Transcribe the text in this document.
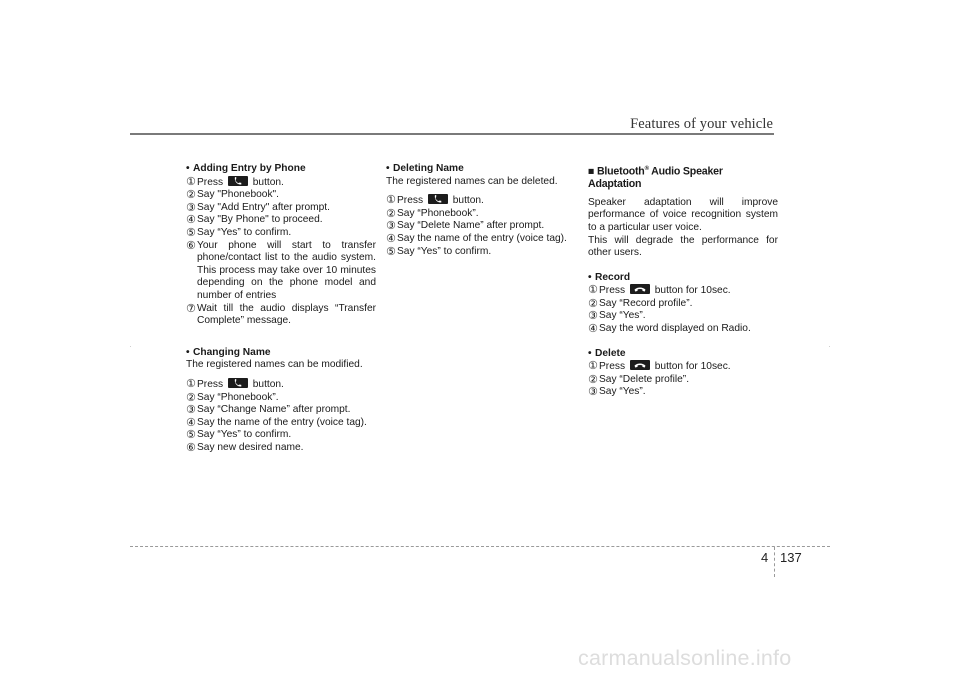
Features of your vehicle
• Adding Entry by Phone
① Press	button.
② Say "Phonebook".
③ Say "Add Entry" after prompt.
④ Say "By Phone" to proceed.
⑤ Say “Yes” to confirm.
⑥ Your phone will start to transfer phone/contact list to the audio system. This process may take over 10 minutes depending on the phone model and number of entries
⑦ Wait till the audio displays “Transfer Complete” message.
• Changing Name
The registered names can be modified.
① Press	button.
② Say “Phonebook”.
③ Say “Change Name” after prompt.
④ Say the name of the entry (voice tag).
⑤ Say “Yes” to confirm.
⑥ Say new desired name.
• Deleting Name
The registered names can be deleted.
① Press	button.
② Say “Phonebook”.
③ Say “Delete Name” after prompt.
④ Say the name of the entry (voice tag).
⑤ Say “Yes” to confirm.
■ Bluetooth® Audio Speaker Adaptation
Speaker adaptation will improve performance of voice recognition system to a particular user voice.
This will degrade the performance for other users.
• Record
① Press	button for 10sec.
② Say “Record profile”.
③ Say “Yes”.
④ Say the word displayed on Radio.
• Delete
① Press	button for 10sec.
② Say “Delete profile”.
③ Say “Yes”.
4 137
carmanualsonline.info
